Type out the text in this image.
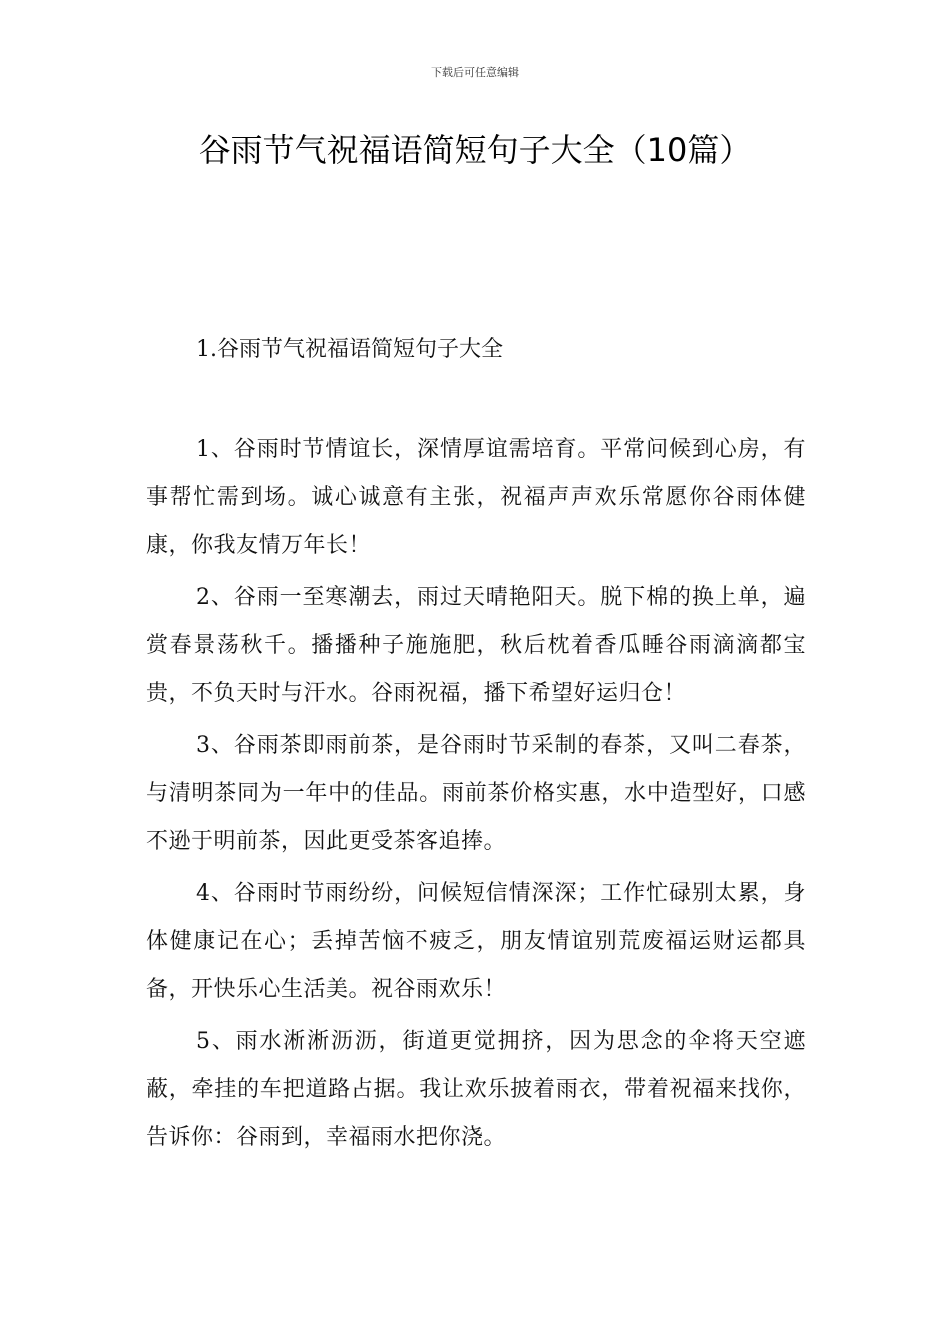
下载后可任意编辑
谷雨节气祝福语简短句子大全（10篇）
1.谷雨节气祝福语简短句子大全

1、谷雨时节情谊长，深情厚谊需培育。平常问候到心房，有事帮忙需到场。诚心诚意有主张，祝福声声欢乐常愿你谷雨体健康，你我友情万年长！

2、谷雨一至寒潮去，雨过天晴艳阳天。脱下棉的换上单，遍赏春景荡秋千。播播种子施施肥，秋后枕着香瓜睡谷雨滴滴都宝贵，不负天时与汗水。谷雨祝福，播下希望好运归仓！

3、谷雨茶即雨前茶，是谷雨时节采制的春茶，又叫二春茶，与清明茶同为一年中的佳品。雨前茶价格实惠，水中造型好，口感不逊于明前茶，因此更受茶客追捧。

4、谷雨时节雨纷纷，问候短信情深深；工作忙碌别太累，身体健康记在心；丢掉苦恼不疲乏，朋友情谊别荒废福运财运都具备，开快乐心生活美。祝谷雨欢乐！

5、雨水淅淅沥沥，街道更觉拥挤，因为思念的伞将天空遮蔽，牵挂的车把道路占据。我让欢乐披着雨衣，带着祝福来找你，告诉你：谷雨到，幸福雨水把你浇。
